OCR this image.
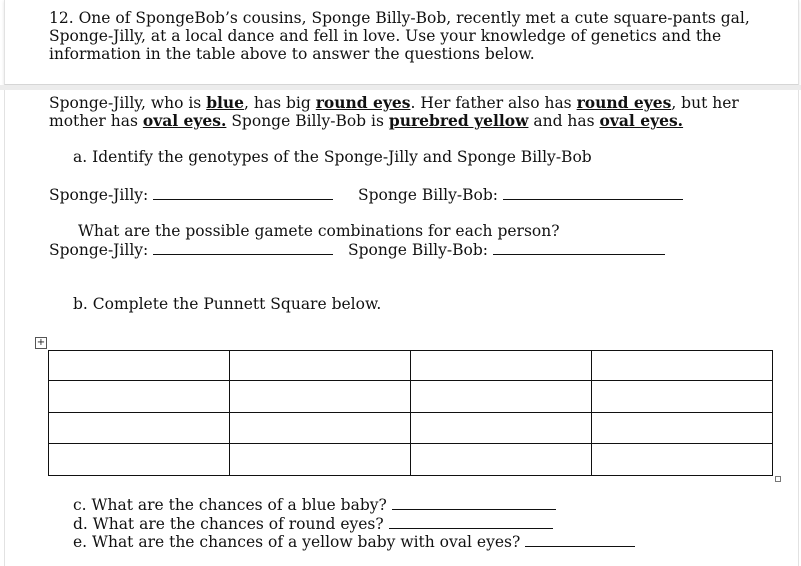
12. One of SpongeBob’s cousins, Sponge Billy-Bob, recently met a cute square-pants gal,
Sponge-Jilly, at a local dance and fell in love. Use your knowledge of genetics and the
information in the table above to answer the questions below.
Sponge-Jilly, who is blue, has big round eyes. Her father also has round eyes, but her
mother has oval eyes. Sponge Billy-Bob is purebred yellow and has oval eyes.
a. Identify the genotypes of the Sponge-Jilly and Sponge Billy-Bob
Sponge-Jilly:	Sponge Billy-Bob:
What are the possible gamete combinations for each person?
Sponge-Jilly:	Sponge Billy-Bob:
b. Complete the Punnett Square below.
+

c. What are the chances of a blue baby?
d. What are the chances of round eyes?
e. What are the chances of a yellow baby with oval eyes?
